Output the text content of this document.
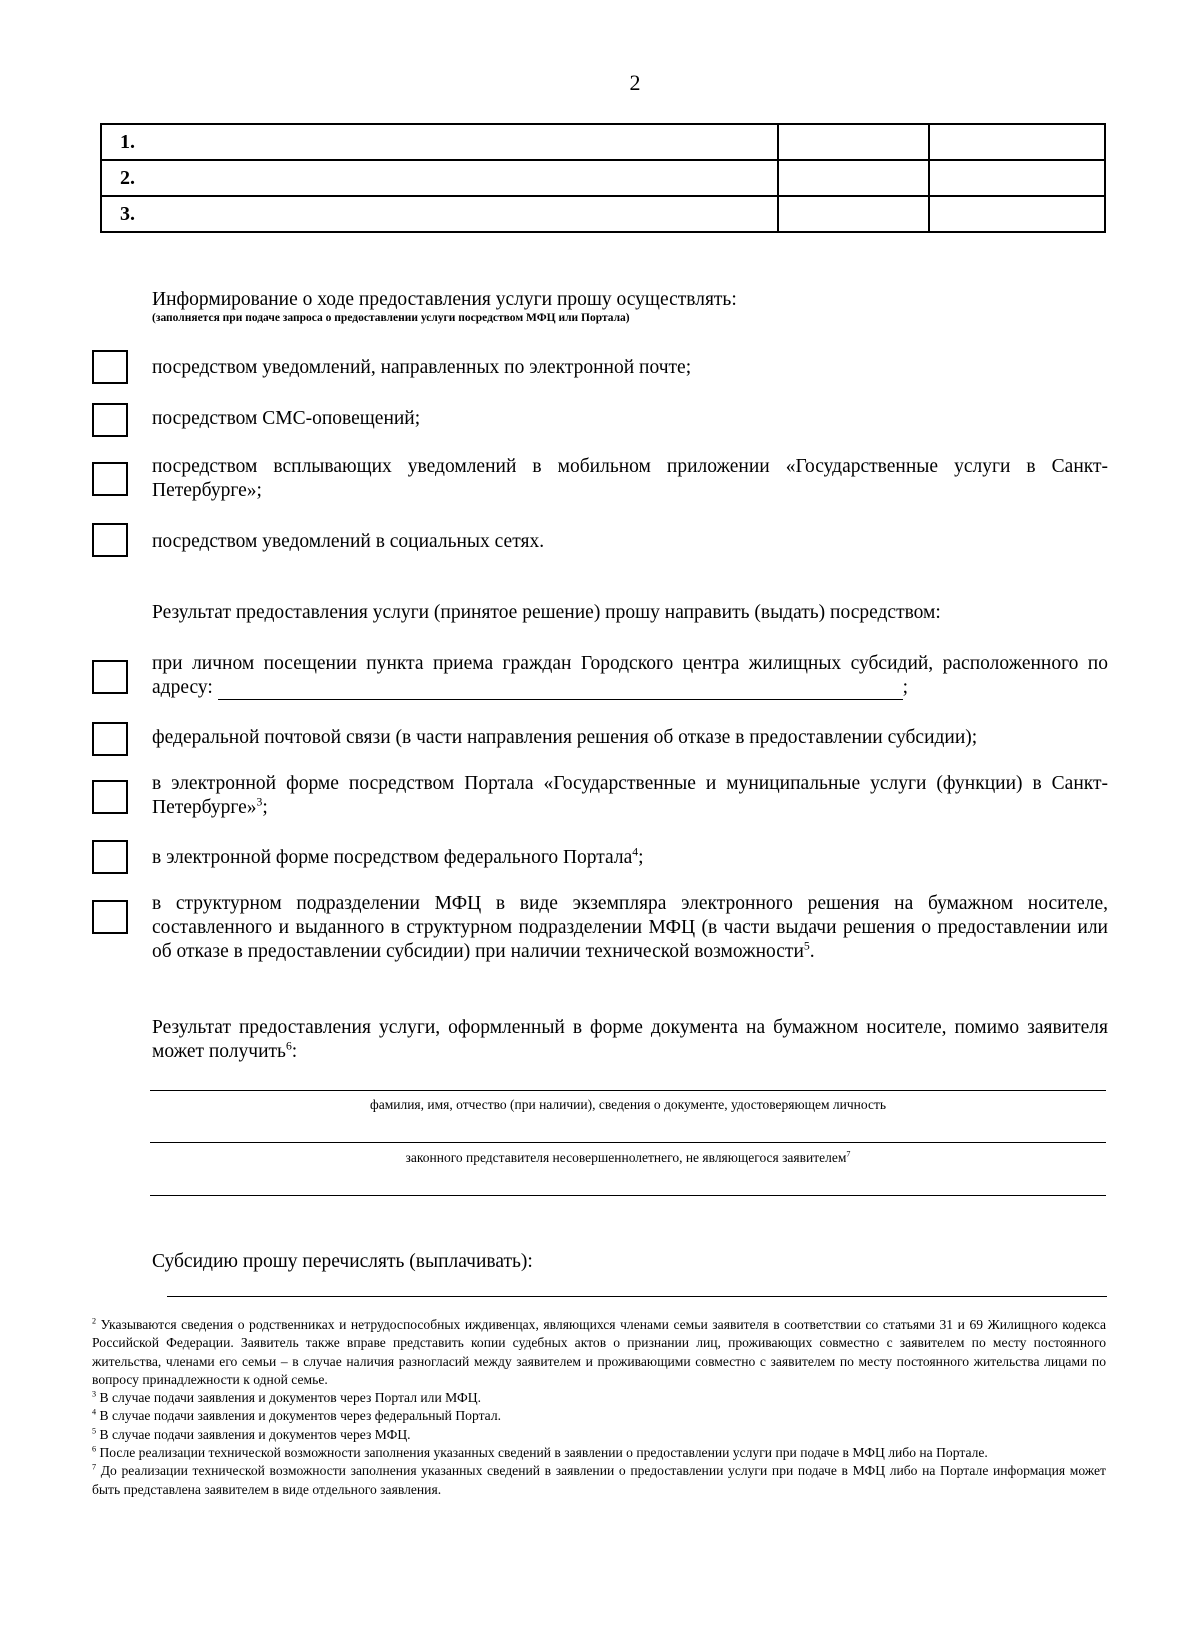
2
1.		
2.		
3.		
Информирование о ходе предоставления услуги прошу осуществлять:
(заполняется при подаче запроса о предоставлении услуги посредством МФЦ или Портала)
посредством уведомлений, направленных по электронной почте;
посредством СМС-оповещений;
посредством всплывающих уведомлений в мобильном приложении «Государственные услуги в Санкт-Петербурге»;
посредством уведомлений в социальных сетях.
Результат предоставления услуги (принятое решение) прошу направить (выдать) посредством:
при личном посещении пункта приема граждан Городского центра жилищных субсидий, расположенного по адресу:	;
федеральной почтовой связи (в части направления решения об отказе в предоставлении субсидии);
в электронной форме посредством Портала «Государственные и муниципальные услуги (функции) в Санкт-Петербурге»$^3$;
в электронной форме посредством федерального Портала$^4$;
в структурном подразделении МФЦ в виде экземпляра электронного решения на бумажном носителе, составленного и выданного в структурном подразделении МФЦ (в части выдачи решения о предоставлении или об отказе в предоставлении субсидии) при наличии технической возможности$^5$.
Результат предоставления услуги, оформленный в форме документа на бумажном носителе, помимо заявителя может получить$^6$:
фамилия, имя, отчество (при наличии), сведения о документе, удостоверяющем личность
законного представителя несовершеннолетнего, не являющегося заявителем$^7$
Субсидию прошу перечислять (выплачивать):

$^2$ Указываются сведения о родственниках и нетрудоспособных иждивенцах, являющихся членами семьи заявителя в соответствии со статьями 31 и 69 Жилищного кодекса Российской Федерации. Заявитель также вправе представить копии судебных актов о признании лиц, проживающих совместно с заявителем по месту постоянного жительства, членами его семьи – в случае наличия разногласий между заявителем и проживающими совместно с заявителем по месту постоянного жительства лицами по вопросу принадлежности к одной семье.

$^3$ В случае подачи заявления и документов через Портал или МФЦ.

$^4$ В случае подачи заявления и документов через федеральный Портал.

$^5$ В случае подачи заявления и документов через МФЦ.

$^6$ После реализации технической возможности заполнения указанных сведений в заявлении о предоставлении услуги при подаче в МФЦ либо на Портале.

$^7$ До реализации технической возможности заполнения указанных сведений в заявлении о предоставлении услуги при подаче в МФЦ либо на Портале информация может быть представлена заявителем в виде отдельного заявления.
